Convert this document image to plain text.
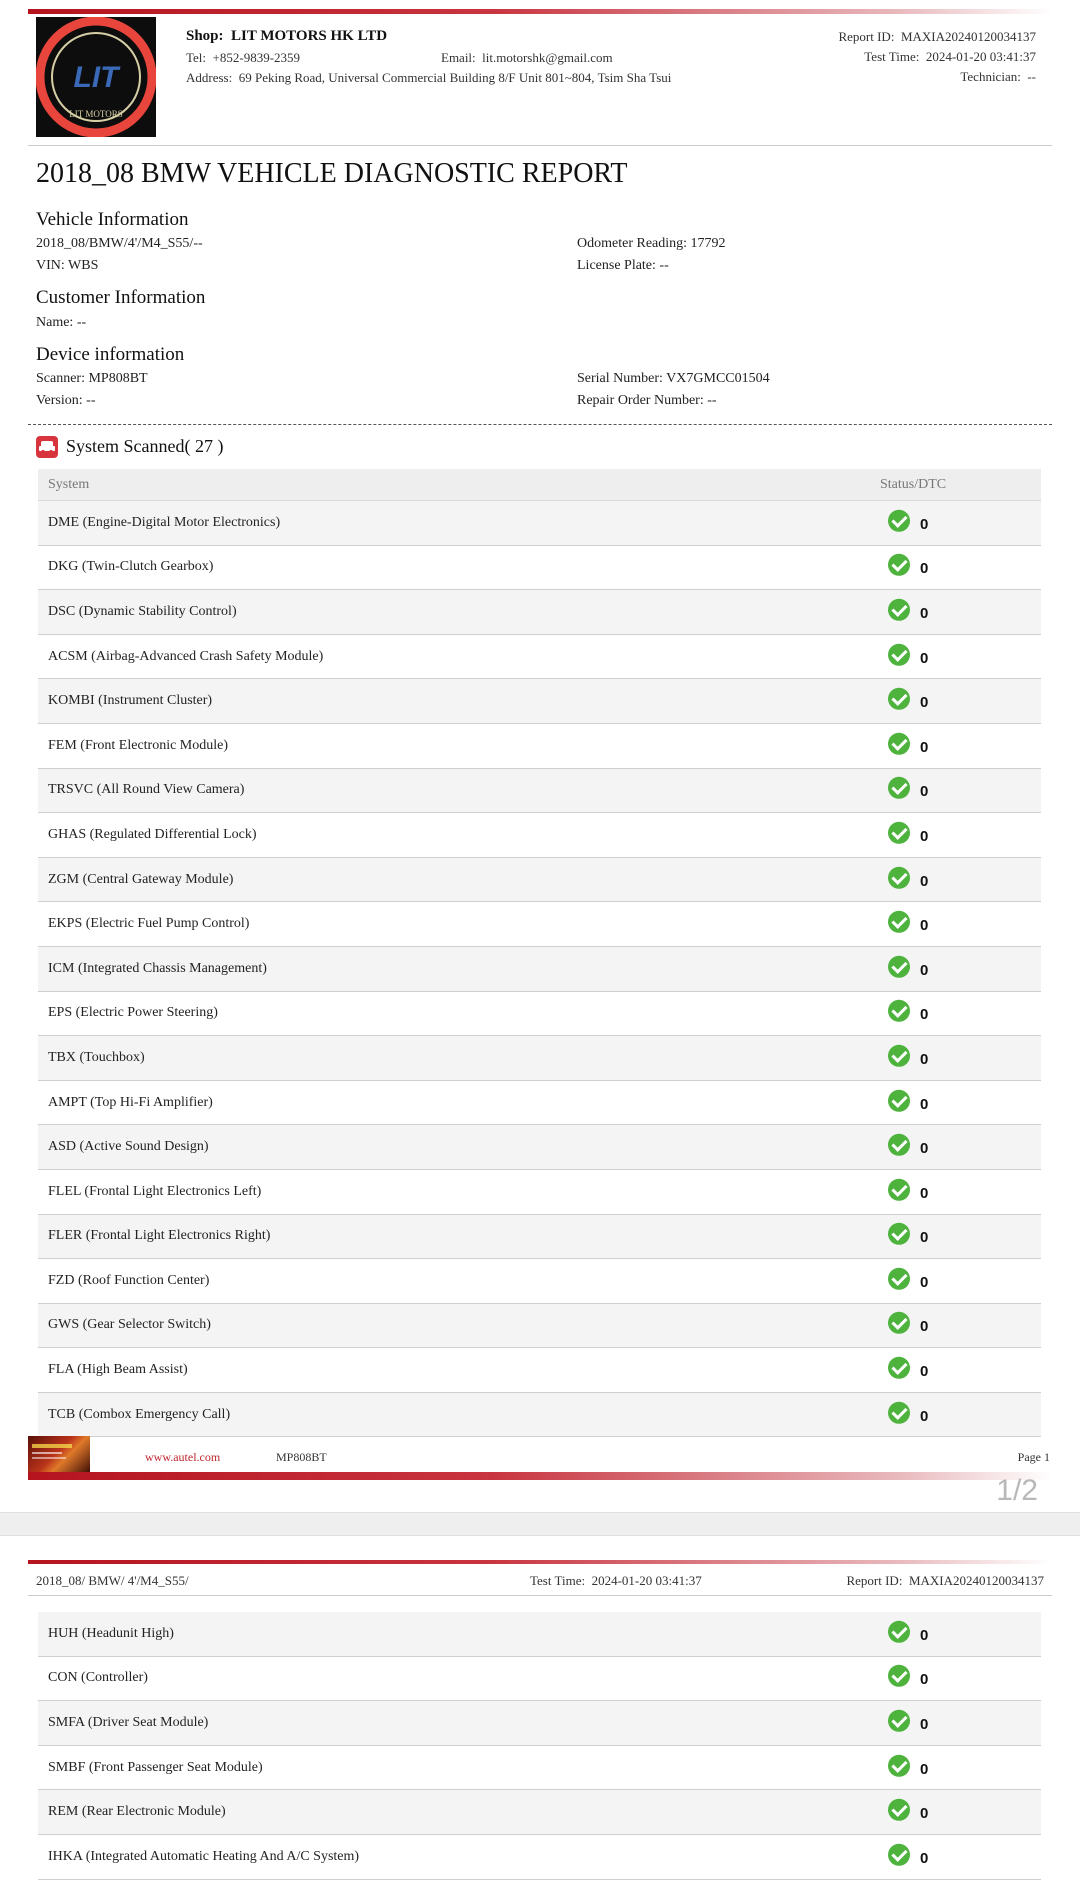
LIT
LIT MOTORS
Shop: LIT MOTORS HK LTD
Tel: +852-9839-2359	Email: lit.motorshk@gmail.com
Address: 69 Peking Road, Universal Commercial Building 8/F Unit 801~804, Tsim Sha Tsui
Report ID: MAXIA20240120034137
Test Time: 2024-01-20 03:41:37
Technician: --
2018_08 BMW VEHICLE DIAGNOSTIC REPORT
Vehicle Information
2018_08/BMW/4'/M4_S55/--
VIN: WBS
Odometer Reading: 17792
License Plate: --
Customer Information
Name: --
Device information
Scanner: MP808BT
Version: --
Serial Number: VX7GMCC01504
Repair Order Number: --
System Scanned( 27 )
System	Status/DTC
DME (Engine-Digital Motor Electronics)	0
DKG (Twin-Clutch Gearbox)	0
DSC (Dynamic Stability Control)	0
ACSM (Airbag-Advanced Crash Safety Module)	0
KOMBI (Instrument Cluster)	0
FEM (Front Electronic Module)	0
TRSVC (All Round View Camera)	0
GHAS (Regulated Differential Lock)	0
ZGM (Central Gateway Module)	0
EKPS (Electric Fuel Pump Control)	0
ICM (Integrated Chassis Management)	0
EPS (Electric Power Steering)	0
TBX (Touchbox)	0
AMPT (Top Hi-Fi Amplifier)	0
ASD (Active Sound Design)	0
FLEL (Frontal Light Electronics Left)	0
FLER (Frontal Light Electronics Right)	0
FZD (Roof Function Center)	0
GWS (Gear Selector Switch)	0
FLA (High Beam Assist)	0
TCB (Combox Emergency Call)	0
www.autel.com	MP808BT	Page 1
1/2
2018_08/ BMW/ 4'/M4_S55/	Test Time: 2024-01-20 03:41:37	Report ID: MAXIA20240120034137
HUH (Headunit High)	0
CON (Controller)	0
SMFA (Driver Seat Module)	0
SMBF (Front Passenger Seat Module)	0
REM (Rear Electronic Module)	0
IHKA (Integrated Automatic Heating And A/C System)	0
